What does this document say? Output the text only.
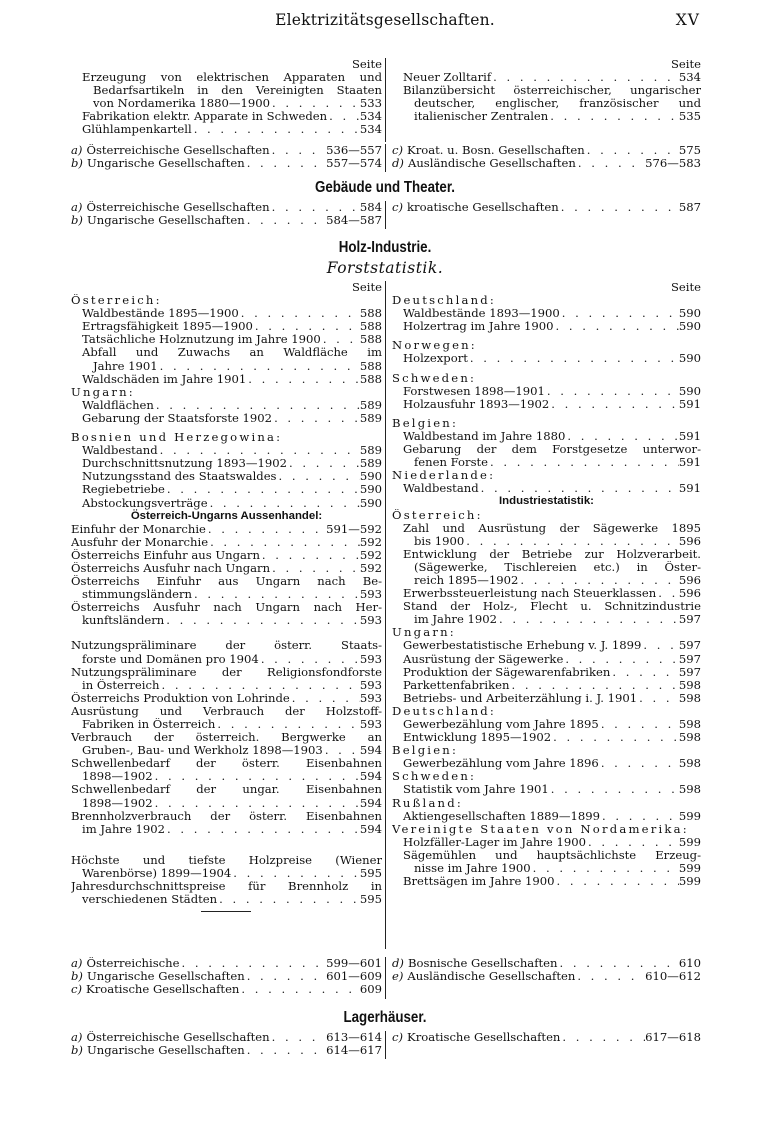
Elektrizitätsgesellschaften.	XV
Seite
Erzeugung von elektrischen Apparaten und
Bedarfsartikeln in den Vereinigten Staaten
von Nordamerika 1880—1900 . . .	533
Fabrikation elektr. Apparate in Schweden . . .	534
Glühlampenkartell . . .	534
Seite
Neuer Zolltarif . . .	534
Bilanzübersicht österreichischer, ungarischer
deutscher, englischer, französischer und
italienischer Zentralen . . .	535
a) Österreichische Gesellschaften . . .	536—557
b) Ungarische Gesellschaften . . .	557—574
c) Kroat. u. Bosn. Gesellschaften . . .	575
d) Ausländische Gesellschaften . . .	576—583
Gebäude und Theater.
a) Österreichische Gesellschaften . . .	584
b) Ungarische Gesellschaften . . .	584—587
c) kroatische Gesellschaften . . .	587
Holz-Industrie.
Forststatistik.
Seite
Österreich:
Waldbestände 1895—1900 . . .	588
Ertragsfähigkeit 1895—1900 . . .	588
Tatsächliche Holznutzung im Jahre 1900 . . .	588
Abfall und Zuwachs an Waldfläche im
Jahre 1901 . . .	588
Waldschäden im Jahre 1901 . . .	588
Ungarn:
Waldflächen . . .	589
Gebarung der Staatsforste 1902 . . .	589
Bosnien und Herzegowina:
Waldbestand . . .	589
Durchschnittsnutzung 1893—1902 . . .	589
Nutzungsstand des Staatswaldes . . .	590
Regiebetriebe . . .	590
Abstockungsverträge . . .	590
Österreich-Ungarns Aussenhandel:
Einfuhr der Monarchie . . .	591—592
Ausfuhr der Monarchie . . .	592
Österreichs Einfuhr aus Ungarn . . .	592
Österreichs Ausfuhr nach Ungarn . . .	592
Österreichs Einfuhr aus Ungarn nach Be-
stimmungsländern . . .	593
Österreichs Ausfuhr nach Ungarn nach Her-
kunftsländern . . .	593
Nutzungspräliminare der österr. Staats-
forste und Domänen pro 1904 . . .	593
Nutzungspräliminare der Religionsfondforste
in Österreich . . .	593
Österreichs Produktion von Lohrinde . . .	593
Ausrüstung und Verbrauch der Holzstoff-
Fabriken in Österreich . . .	593
Verbrauch der österreich. Bergwerke an
Gruben-, Bau- und Werkholz 1898—1903 . . .	594
Schwellenbedarf der österr. Eisenbahnen
1898—1902 . . .	594
Schwellenbedarf der ungar. Eisenbahnen
1898—1902 . . .	594
Brennholzverbrauch der österr. Eisenbahnen
im Jahre 1902 . . .	594
Höchste und tiefste Holzpreise (Wiener
Warenbörse) 1899—1904 . . .	595
Jahresdurchschnittspreise für Brennholz in
verschiedenen Städten . . .	595
Seite
Deutschland:
Waldbestände 1893—1900 . . .	590
Holzertrag im Jahre 1900 . . .	590
Norwegen:
Holzexport . . .	590
Schweden:
Forstwesen 1898—1901 . . .	590
Holzausfuhr 1893—1902 . . .	591
Belgien:
Waldbestand im Jahre 1880 . . .	591
Gebarung der dem Forstgesetze unterwor-
fenen Forste . . .	591
Niederlande:
Waldbestand . . .	591
Industriestatistik:
Österreich:
Zahl und Ausrüstung der Sägewerke 1895
bis 1900 . . .	596
Entwicklung der Betriebe zur Holzverarbeit.
(Sägewerke, Tischlereien etc.) in Öster-
reich 1895—1902 . . .	596
Erwerbssteuerleistung nach Steuerklassen . . . 596
Stand der Holz-, Flecht u. Schnitzindustrie
im Jahre 1902 . . .	597
Ungarn:
Gewerbestatistische Erhebung v. J. 1899 . . .	597
Ausrüstung der Sägewerke . . .	597
Produktion der Sägewarenfabriken . . .	597
Parkettenfabriken . . .	598
Betriebs- und Arbeiterzählung i. J. 1901 . . .	598
Deutschland:
Gewerbezählung vom Jahre 1895 . . .	598
Entwicklung 1895—1902 . . .	598
Belgien:
Gewerbezählung vom Jahre 1896 . . .	598
Schweden:
Statistik vom Jahre 1901 . . .	598
Rußland:
Aktiengesellschaften 1889—1899 . . .	599
Vereinigte Staaten von Nordamerika:
Holzfäller-Lager im Jahre 1900 . . .	599
Sägemühlen und hauptsächlichste Erzeug-
nisse im Jahre 1900 . . .	599
Brettsägen im Jahre 1900 . . .	599
a) Österreichische . . .	599—601
b) Ungarische Gesellschaften . . .	601—609
c) Kroatische Gesellschaften . . .	609
d) Bosnische Gesellschaften . . .	610
e) Ausländische Gesellschaften . . .	610—612
Lagerhäuser.
a) Österreichische Gesellschaften . . .	613—614
b) Ungarische Gesellschaften . . .	614—617
c) Kroatische Gesellschaften . . .	617—618
